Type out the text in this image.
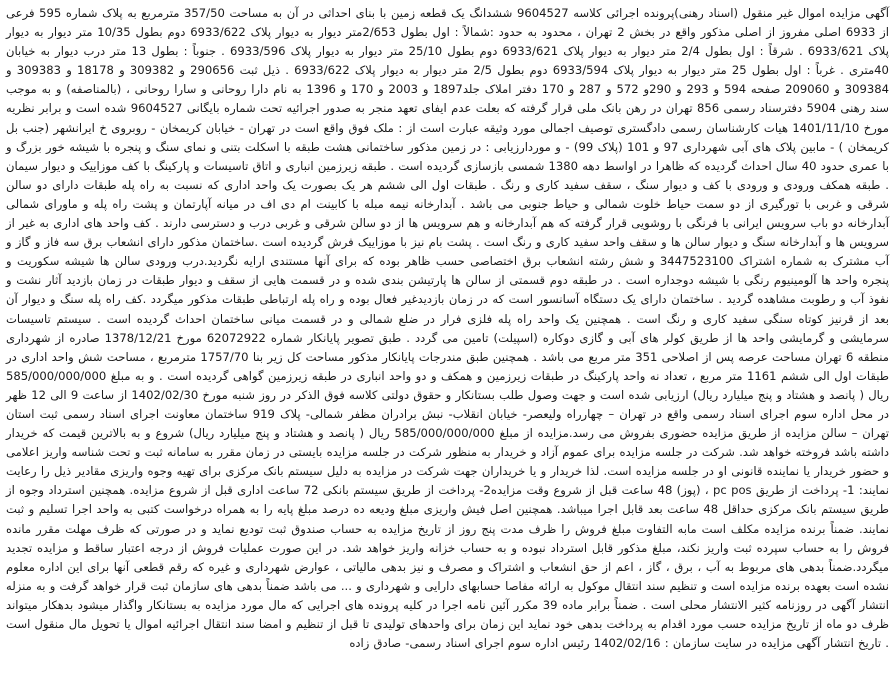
آگهی مزایده اموال غیر منقول (اسناد رهنی)پرونده اجرائی کلاسه 9604527 ششدانگ یک قطعه زمین با بنای احداثی در آن به مساحت 357/50 مترمربع به پلاک شماره 595 فرعی از 6933 اصلی مفروز از اصلی مذکور واقع در بخش 2 تهران ، محدود به حدود :شمالاً : اول بطول 2/653متر دیوار به دیوار پلاک 6933/622 دوم بطول 10/35 متر دیوار به دیوار پلاک 6933/621 . شرقاً : اول بطول 2/4 متر دیوار به دیوار پلاک 6933/621 دوم بطول 25/10 متر دیوار به دیوار پلاک 6933/596 . جنوباً : بطول 13 متر درب دیوار به خیابان 40متری . غرباً : اول بطول 25 متر دیوار به دیوار پلاک 6933/594 دوم بطول 2/5 متر دیوار به دیوار پلاک 6933/622 . ذیل ثبت 290656 و 309382 و 18178 و 309383 و 309384 و 209060 صفحه 594 و 293 و 290و 572 و 287 و 170 دفتر املاک جلد1897 و 2003 و 170 و 1396 به نام دارا روحانی و سارا روحانی ، (بالمناصفه) و به موجب سند رهنی 5904 دفترسناد رسمی 856 تهران در رهن بانک ملی قرار گرفته که بعلت عدم ایفای تعهد منجر به صدور اجرائیه تحت شماره بایگانی 9604527 شده است و برابر نظریه مورخ 1401/11/10 هیات کارشناسان رسمی دادگستری توصیف اجمالی مورد وثیقه عبارت است از : ملک فوق واقع است در تهران - خیابان کریمخان - روبروی خ ایرانشهر (جنب بل کریمخان ) - مابین پلاک های آبی شهرداری 97 و 101 (پلاک 99) - و موردارزیابی : در زمین مذکور ساختمانی هشت طبقه با اسکلت بتنی و نمای سنگ و پنجره با شیشه خور بزرگ و با عمری حدود 40 سال احداث گردیده که ظاهرا در اواسط دهه 1380 شمسی بازسازی گردیده است . طبقه زیرزمین انباری و اتاق تاسیسات و پارکینگ با کف موزاییک و دیوار سیمان . طبقه همکف ورودی و ورودی با کف و دیوار سنگ ، سقف سفید کاری و رنگ . طبقات اول الی ششم هر یک بصورت یک واحد اداری که نسبت به راه پله طبقات دارای دو سالن شرقی و غربی با تورگیری از دو سمت حیاط خلوت شمالی و حیاط جنوبی می باشد . آبدارخانه نیمه مبله با کابینت ام دی اف در میانه آپارتمان و پشت راه پله و ماورای شمالی آبدارخانه دو باب سرویس ایرانی با فرنگی با روشویی قرار گرفته که هم آبدارخانه و هم سرویس ها از دو سالن شرقی و غربی درب و دسترسی دارند . کف واحد های اداری به غیر از سرویس ها و آبدارخانه سنگ و دیوار سالن ها و سقف واحد سفید کاری و رنگ است . پشت بام نیز با موزاییک فرش گردیده است .ساختمان مذکور دارای انشعاب برق سه فاز و گاز و آب مشترک به شماره اشتراک 3447523100 و شش رشته انشعاب برق اختصاصی حسب ظاهر بوده که برای آنها مستندی ارایه نگردید.درب ورودی سالن ها شیشه سکوریت و پنجره واحد ها آلومینیوم رنگی با شیشه دوجداره است . در طبقه دوم قسمتی از سالن ها پارتیشن بندی شده و در قسمت هایی از سقف و دیوار طبقات در زمان بازدید آثار نشت و نفوذ آب و رطوبت مشاهده گردید . ساختمان دارای یک دستگاه آسانسور است که در زمان بازدیدغیر فعال بوده و راه پله ارتباطی طبقات مذکور میگردد .کف راه پله سنگ و دیوار آن بعد از قرنیز کوتاه سنگی سفید کاری و رنگ است . همچنین یک واحد راه پله فلزی فرار در ضلع شمالی و در قسمت میانی ساختمان احداث گردیده است . سیستم تاسیسات سرمایشی و گرمایشی واحد ها از طریق کولر های آبی و گازی دوکاره (اسپیلت) تامین می گردد . طبق تصویر پایانکار شماره 62072922 مورخ 1378/12/21 صادره از شهرداری منطقه 6 تهران مساحت عرصه پس از اصلاحی 351 متر مربع می باشد . همچنین طبق مندرجات پایانکار مذکور مساحت کل زیر بنا 1757/70 مترمربع ، مساحت شش واحد اداری در طبقات اول الی ششم 1161 متر مربع ، تعداد نه واحد پارکینگ در طبقات زیرزمین و همکف و دو واحد انباری در طبقه زیرزمین گواهی گردیده است . و به مبلغ 585/000/000/000 ریال ( پانصد و هشتاد و پنج میلیارد ریال) ارزیابی شده است و جهت وصول طلب بستانکار و حقوق دولتی کلاسه فوق الذکر در روز شنبه مورخ 1402/02/30 از ساعت 9 الی 12 ظهر در محل اداره سوم اجرای اسناد رسمی واقع در تهران – چهارراه ولیعصر- خیابان انقلاب- نبش برادران مظفر شمالی- پلاک 919 ساختمان معاونت اجرای اسناد رسمی ثبت استان تهران – سالن مزایده از طریق مزایده حضوری بفروش می رسد.مزایده از مبلغ 585/000/000/000 ریال ( پانصد و هشتاد و پنج میلیارد ریال) شروع و به بالاترین قیمت که خریدار داشته باشد فروخته خواهد شد. شرکت در جلسه مزایده برای عموم آزاد و خریدار به منظور شرکت در جلسه مزایده بایستی در زمان مقرر به سامانه ثبت و تحت شناسه واریز اعلامی و حضور خریدار یا نماینده قانونی او در جلسه مزایده است. لذا خریدار و یا خریداران جهت شرکت در مزایده به دلیل سیستم بانک مرکزی برای تهیه وجوه واریزی مقادیر ذیل را رعایت نمایند: 1- پرداخت از طریق pc pos ، (پوز) 48 ساعت قبل از شروع وقت مزایده2- پرداخت از طریق سیستم بانکی 72 ساعت اداری قبل از شروع مزایده. همچنین استرداد وجوه از طریق سیستم بانک مرکزی حداقل 48 ساعت بعد قابل اجرا میباشد. همچنین اصل فیش واریزی مبلغ ودیعه ده درصد مبلغ پایه را به همراه درخواست کتبی به واحد اجرا تسلیم و ثبت نمایند. ضمناً برنده مزایده مکلف است مابه التفاوت مبلغ فروش را ظرف مدت پنج روز از تاریخ مزایده به حساب صندوق ثبت تودیع نماید و در صورتی که ظرف مهلت مقرر مانده فروش را به حساب سپرده ثبت واریز نکند، مبلغ مذکور قابل استرداد نبوده و به حساب خزانه واریز خواهد شد. در این صورت عملیات فروش از درجه اعتبار ساقط و مزایده تجدید میگردد.ضمناً بدهی های مربوط به آب ، برق ، گاز ، اعم از حق انشعاب و اشتراک و مصرف و نیز بدهی مالیاتی ، عوارض شهرداری و غیره که رقم قطعی آنها برای این اداره معلوم نشده است بعهده برنده مزایده است و تنظیم سند انتقال موکول به ارائه مفاصا حسابهای دارایی و شهرداری و ... می باشد ضمناً بدهی های سازمان ثبت قرار خواهد گرفت و به منزله انتشار آگهی در روزنامه کثیر الانتشار محلی است . ضمناً برابر ماده 39 مکرر آئین نامه اجرا در کلیه پرونده های اجرایی که مال مورد مزایده به بستانکار واگذار میشود بدهکار میتواند ظرف دو ماه از تاریخ مزایده حسب مورد اقدام به پرداخت بدهی خود نماید این زمان برای واحدهای تولیدی تا قبل از تنظیم و امضا سند انتقال اجرائیه اموال یا تحویل مال منقول است . تاریخ انتشار آگهی مزایده در سایت سازمان : 1402/02/16 رئیس اداره سوم اجرای اسناد رسمی- صادق زاده
